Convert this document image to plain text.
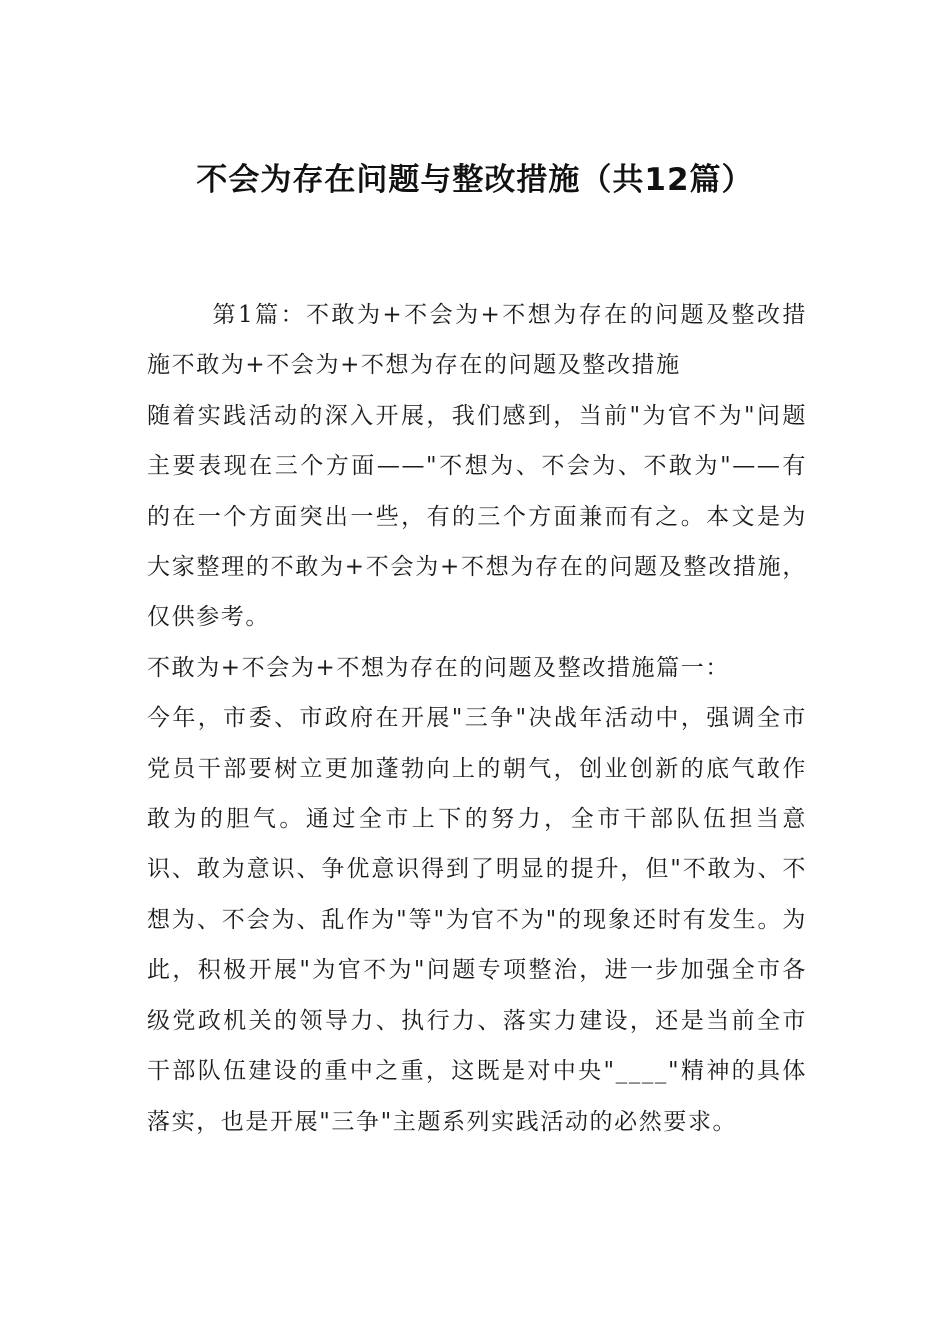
不会为存在问题与整改措施（共12篇）

第1篇：不敢为+不会为+不想为存在的问题及整改措施不敢为+不会为+不想为存在的问题及整改措施

随着实践活动的深入开展，我们感到，当前"为官不为"问题主要表现在三个方面——"不想为、不会为、不敢为"——有的在一个方面突出一些，有的三个方面兼而有之。本文是为大家整理的不敢为+不会为+不想为存在的问题及整改措施，仅供参考。

不敢为+不会为+不想为存在的问题及整改措施篇一：

今年，市委、市政府在开展"三争"决战年活动中，强调全市党员干部要树立更加蓬勃向上的朝气，创业创新的底气敢作敢为的胆气。通过全市上下的努力，全市干部队伍担当意识、敢为意识、争优意识得到了明显的提升，但"不敢为、不想为、不会为、乱作为"等"为官不为"的现象还时有发生。为此，积极开展"为官不为"问题专项整治，进一步加强全市各级党政机关的领导力、执行力、落实力建设，还是当前全市干部队伍建设的重中之重，这既是对中央"____"精神的具体落实，也是开展"三争"主题系列实践活动的必然要求。
